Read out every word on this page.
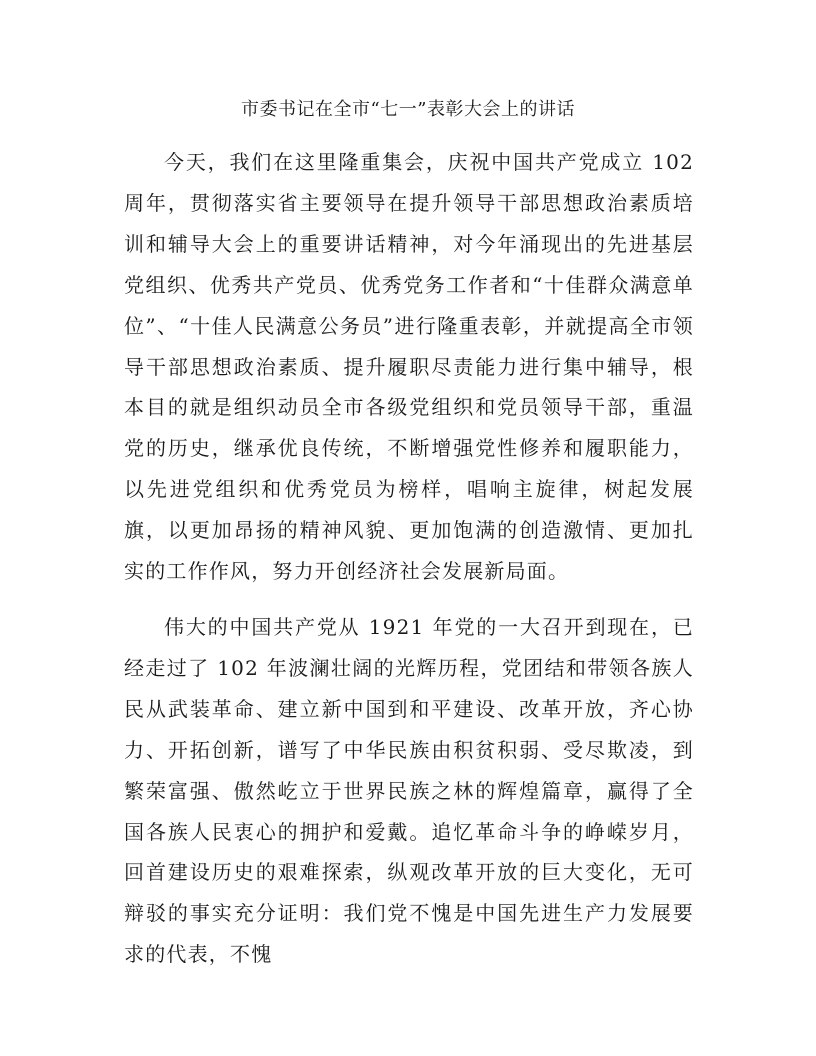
市委书记在全市“七一”表彰大会上的讲话

今天，我们在这里隆重集会，庆祝中国共产党成立 102 周年，贯彻落实省主要领导在提升领导干部思想政治素质培训和辅导大会上的重要讲话精神，对今年涌现出的先进基层党组织、优秀共产党员、优秀党务工作者和“十佳群众满意单位”、“十佳人民满意公务员”进行隆重表彰，并就提高全市领导干部思想政治素质、提升履职尽责能力进行集中辅导，根本目的就是组织动员全市各级党组织和党员领导干部，重温党的历史，继承优良传统，不断增强党性修养和履职能力，以先进党组织和优秀党员为榜样，唱响主旋律，树起发展旗，以更加昂扬的精神风貌、更加饱满的创造激情、更加扎实的工作作风，努力开创经济社会发展新局面。

伟大的中国共产党从 1921 年党的一大召开到现在，已经走过了 102 年波澜壮阔的光辉历程，党团结和带领各族人民从武装革命、建立新中国到和平建设、改革开放，齐心协力、开拓创新，谱写了中华民族由积贫积弱、受尽欺凌，到繁荣富强、傲然屹立于世界民族之林的辉煌篇章，赢得了全国各族人民衷心的拥护和爱戴。追忆革命斗争的峥嵘岁月，回首建设历史的艰难探索，纵观改革开放的巨大变化，无可辩驳的事实充分证明：我们党不愧是中国先进生产力发展要求的代表，不愧
